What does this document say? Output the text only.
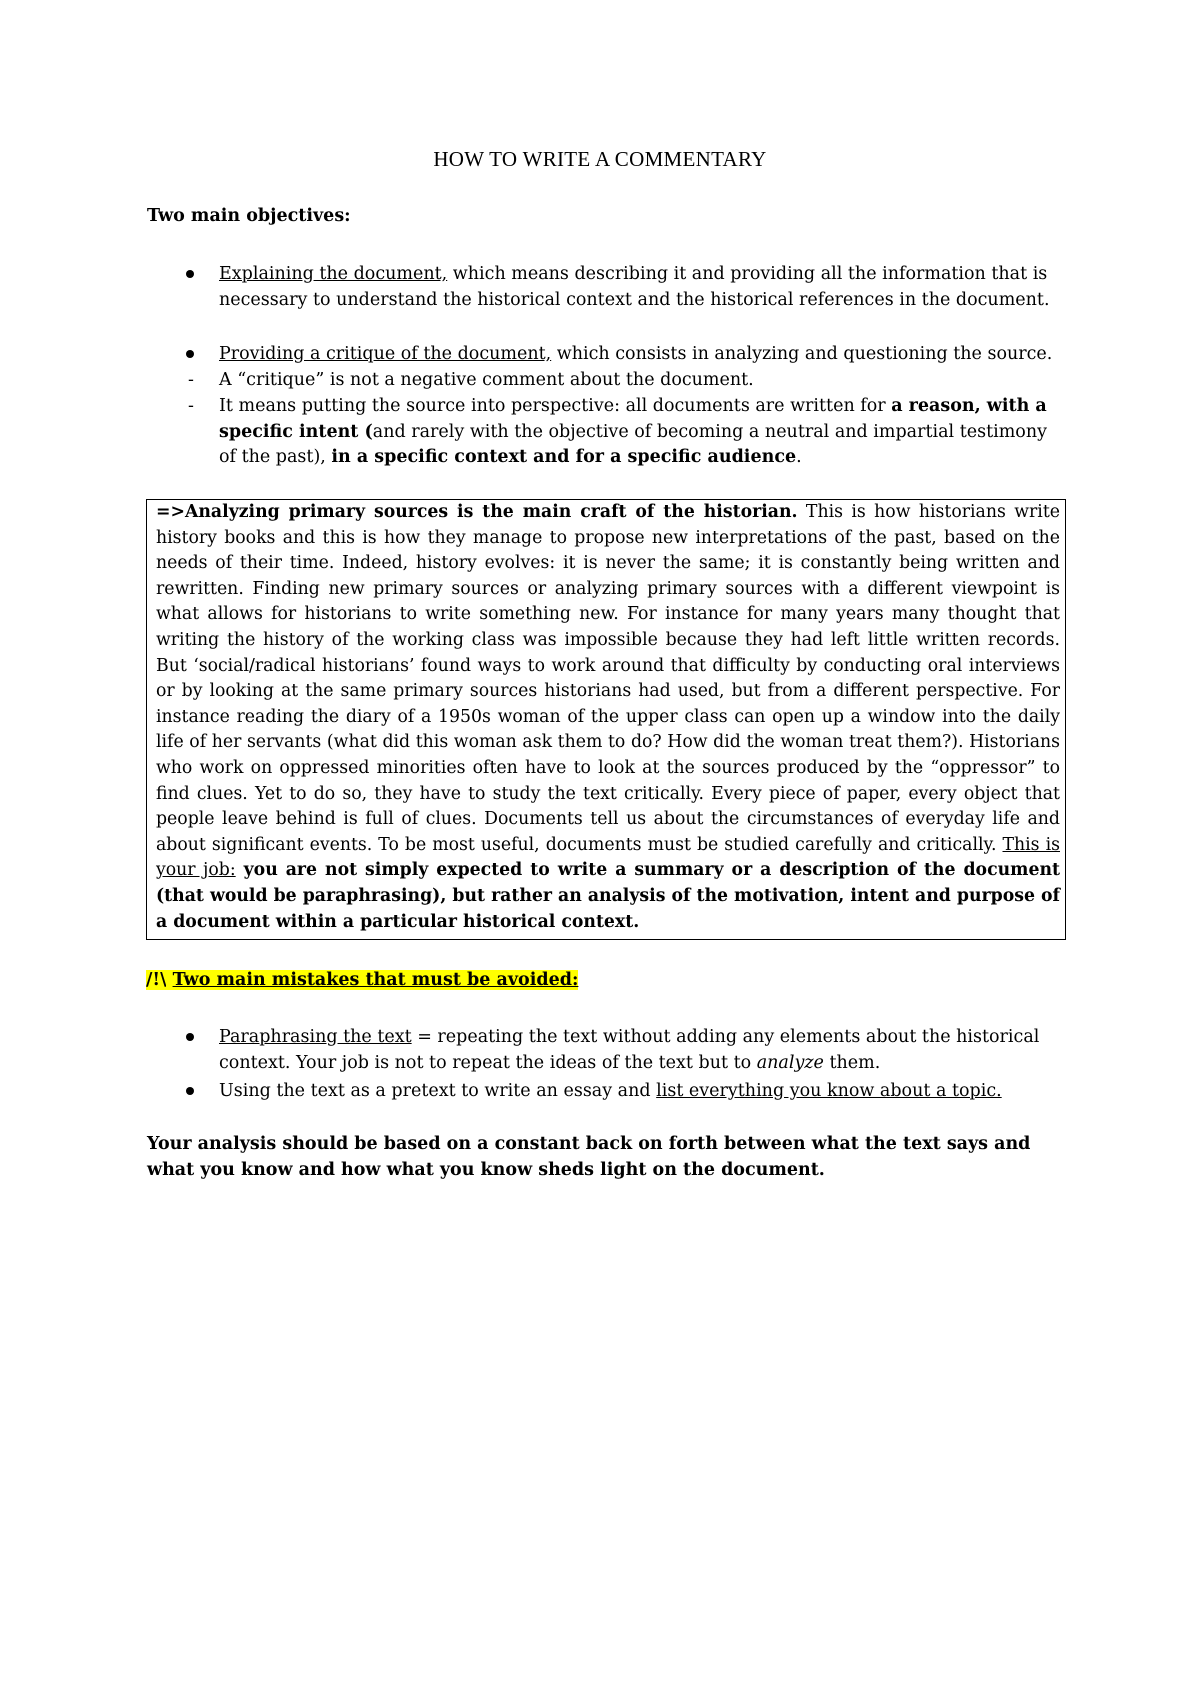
HOW TO WRITE A COMMENTARY
Two main objectives:
Explaining the document, which means describing it and providing all the information that is necessary to understand the historical context and the historical references in the document.
Providing a critique of the document, which consists in analyzing and questioning the source.
- A “critique” is not a negative comment about the document.
- It means putting the source into perspective: all documents are written for a reason, with a specific intent (and rarely with the objective of becoming a neutral and impartial testimony of the past), in a specific context and for a specific audience.
=>Analyzing primary sources is the main craft of the historian. This is how historians write history books and this is how they manage to propose new interpretations of the past, based on the needs of their time. Indeed, history evolves: it is never the same; it is constantly being written and rewritten. Finding new primary sources or analyzing primary sources with a different viewpoint is what allows for historians to write something new. For instance for many years many thought that writing the history of the working class was impossible because they had left little written records. But ‘social/radical historians’ found ways to work around that difficulty by conducting oral interviews or by looking at the same primary sources historians had used, but from a different perspective. For instance reading the diary of a 1950s woman of the upper class can open up a window into the daily life of her servants (what did this woman ask them to do? How did the woman treat them?). Historians who work on oppressed minorities often have to look at the sources produced by the “oppressor” to find clues. Yet to do so, they have to study the text critically. Every piece of paper, every object that people leave behind is full of clues. Documents tell us about the circumstances of everyday life and about significant events. To be most useful, documents must be studied carefully and critically. This is your job: you are not simply expected to write a summary or a description of the document (that would be paraphrasing), but rather an analysis of the motivation, intent and purpose of a document within a particular historical context.
/!\ Two main mistakes that must be avoided:
Paraphrasing the text = repeating the text without adding any elements about the historical context. Your job is not to repeat the ideas of the text but to analyze them.
Using the text as a pretext to write an essay and list everything you know about a topic.
Your analysis should be based on a constant back on forth between what the text says and what you know and how what you know sheds light on the document.
